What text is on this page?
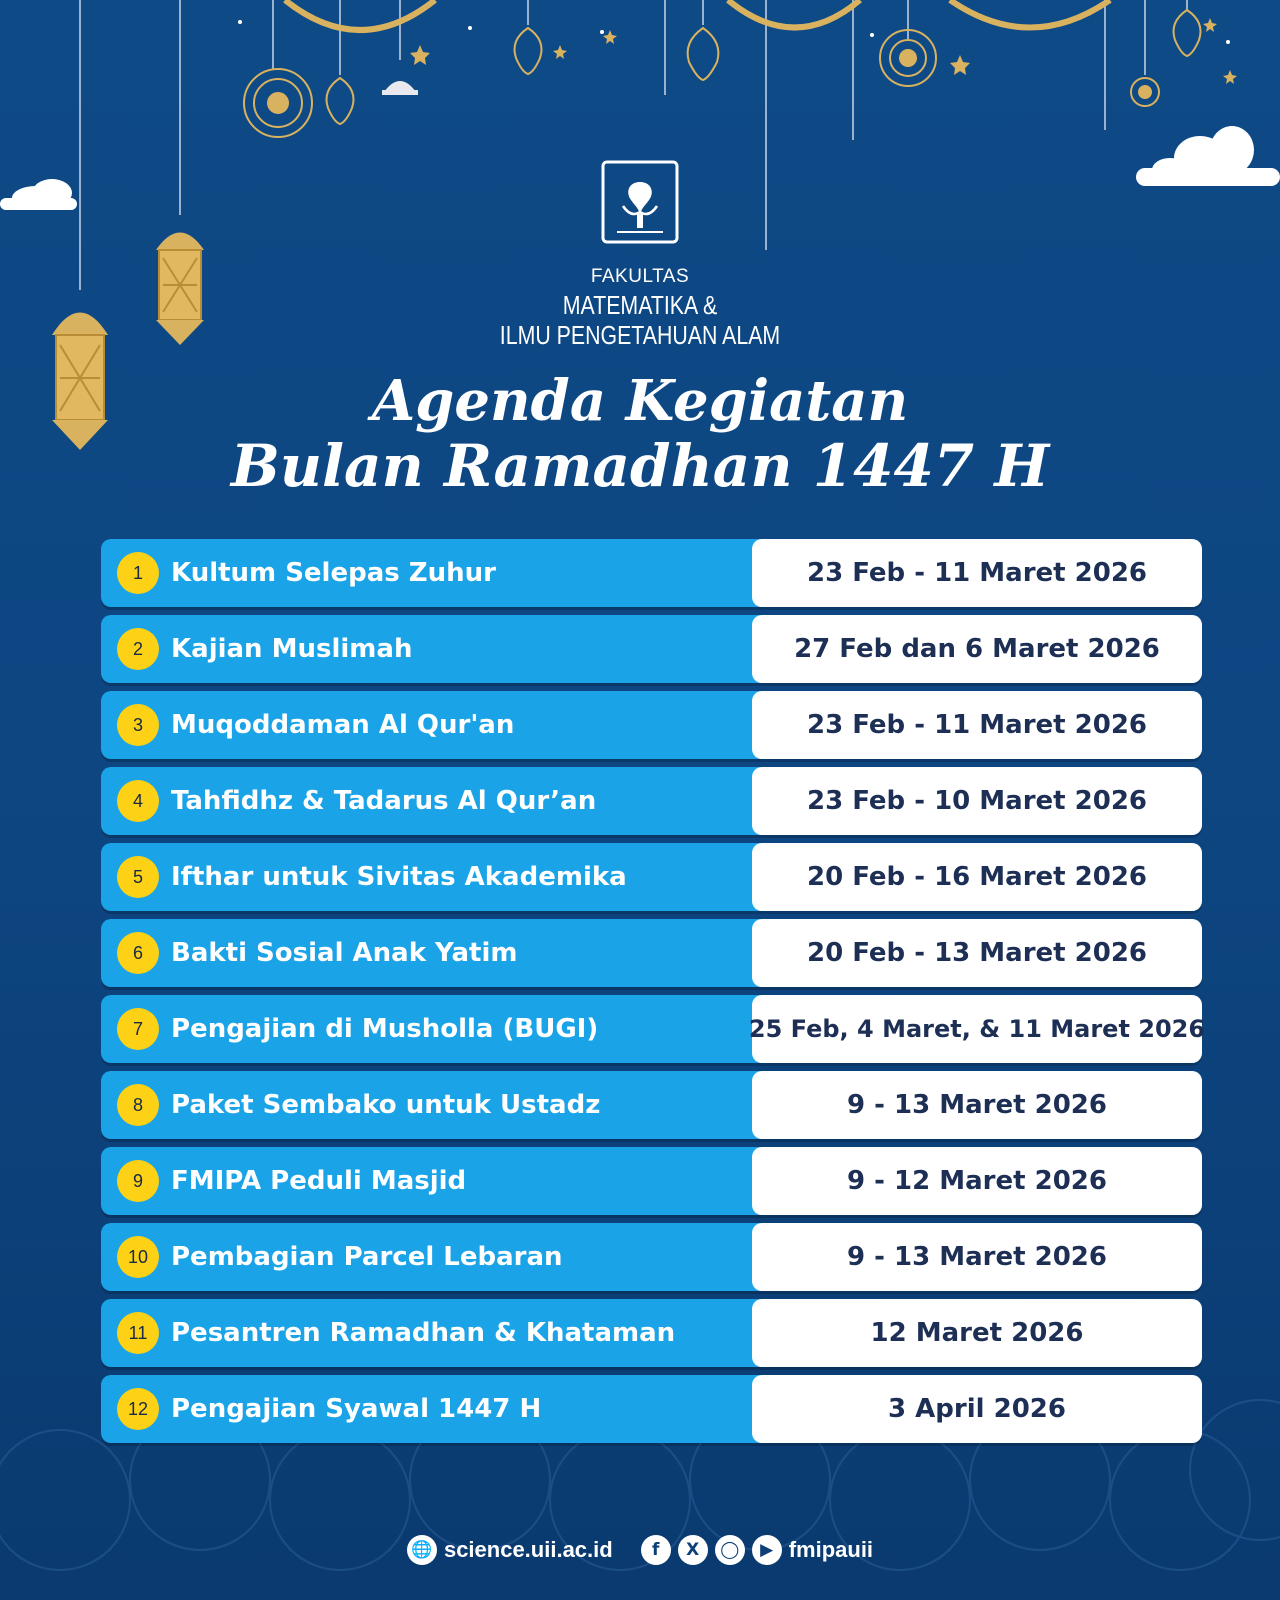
FAKULTAS
MATEMATIKA &
ILMU PENGETAHUAN ALAM
Agenda Kegiatan
Bulan Ramadhan 1447 H
1	Kultum Selepas Zuhur	23 Feb - 11 Maret 2026
2	Kajian Muslimah	27 Feb dan 6 Maret 2026
3	Muqoddaman Al Qur'an	23 Feb - 11 Maret 2026
4	Tahfidhz & Tadarus Al Qur’an	23 Feb - 10 Maret 2026
5	Ifthar untuk Sivitas Akademika	20 Feb - 16 Maret 2026
6	Bakti Sosial Anak Yatim	20 Feb - 13 Maret 2026
7	Pengajian di Musholla (BUGI)	25 Feb, 4 Maret, & 11 Maret 2026
8	Paket Sembako untuk Ustadz	9 - 13 Maret 2026
9	FMIPA Peduli Masjid	9 - 12 Maret 2026
10 Pembagian Parcel Lebaran	9 - 13 Maret 2026
11 Pesantren Ramadhan & Khataman	12 Maret 2026
12 Pengajian Syawal 1447 H	3 April 2026
🌐 science.uii.ac.id	f	X	◯	▶ fmipauii
